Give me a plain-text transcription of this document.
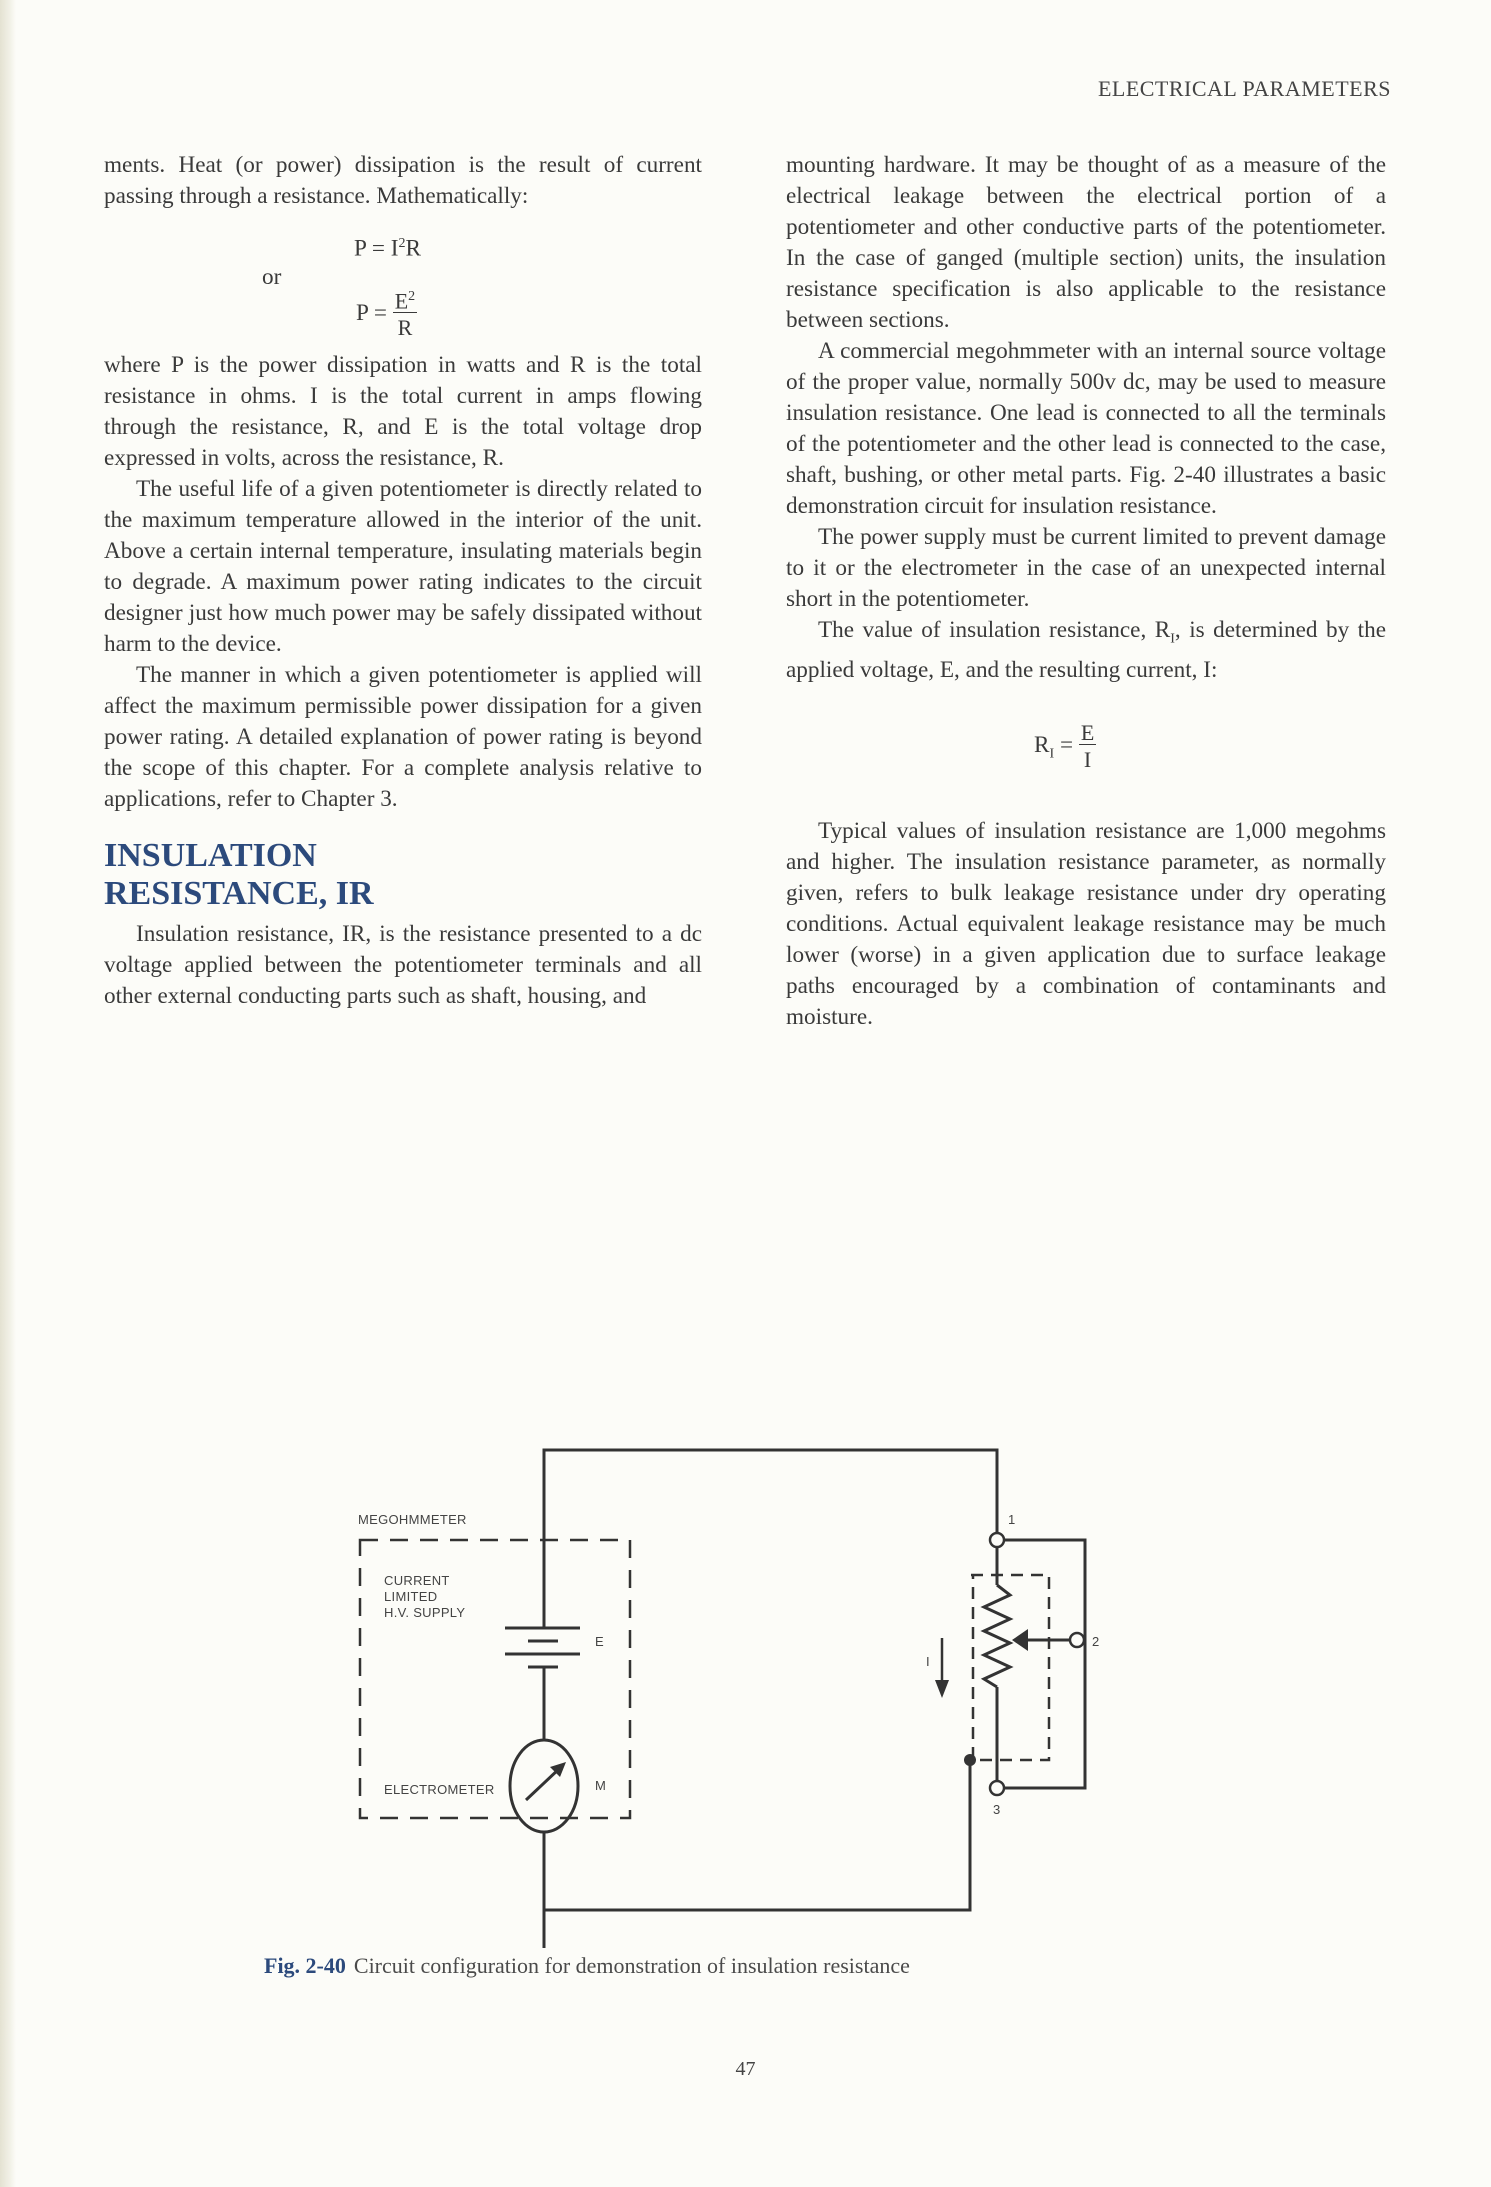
ELECTRICAL PARAMETERS

ments. Heat (or power) dissipation is the result of current passing through a resistance. Mathematically:

$P = I^2R$
or
$P = \frac{E^2}{R}$

where P is the power dissipation in watts and R is the total resistance in ohms. I is the total current in amps flowing through the resistance, R, and E is the total voltage drop expressed in volts, across the resistance, R.

The useful life of a given potentiometer is directly related to the maximum temperature allowed in the interior of the unit. Above a certain internal temperature, insulating materials begin to degrade. A maximum power rating indicates to the circuit designer just how much power may be safely dissipated without harm to the device.

The manner in which a given potentiometer is applied will affect the maximum permissible power dissipation for a given power rating. A detailed explanation of power rating is beyond the scope of this chapter. For a complete analysis relative to applications, refer to Chapter 3.

INSULATION
RESISTANCE, IR

Insulation resistance, IR, is the resistance presented to a dc voltage applied between the potentiometer terminals and all other external conducting parts such as shaft, housing, and

mounting hardware. It may be thought of as a measure of the electrical leakage between the electrical portion of a potentiometer and other conductive parts of the potentiometer. In the case of ganged (multiple section) units, the insulation resistance specification is also applicable to the resistance between sections.

A commercial megohmmeter with an internal source voltage of the proper value, normally 500v dc, may be used to measure insulation resistance. One lead is connected to all the terminals of the potentiometer and the other lead is connected to the case, shaft, bushing, or other metal parts. Fig. 2-40 illustrates a basic demonstration circuit for insulation resistance.

The power supply must be current limited to prevent damage to it or the electrometer in the case of an unexpected internal short in the potentiometer.

The value of insulation resistance, $R_I$, is determined by the applied voltage, E, and the resulting current, I:

$R_I = \frac{E}{I}$

Typical values of insulation resistance are 1,000 megohms and higher. The insulation resistance parameter, as normally given, refers to bulk leakage resistance under dry operating conditions. Actual equivalent leakage resistance may be much lower (worse) in a given application due to surface leakage paths encouraged by a combination of contaminants and moisture.

MEGOHMMETER
CURRENT
LIMITED
H.V. SUPPLY
E
M
ELECTROMETER
I
1
2
3
Fig. 2-40 Circuit configuration for demonstration of insulation resistance
47
